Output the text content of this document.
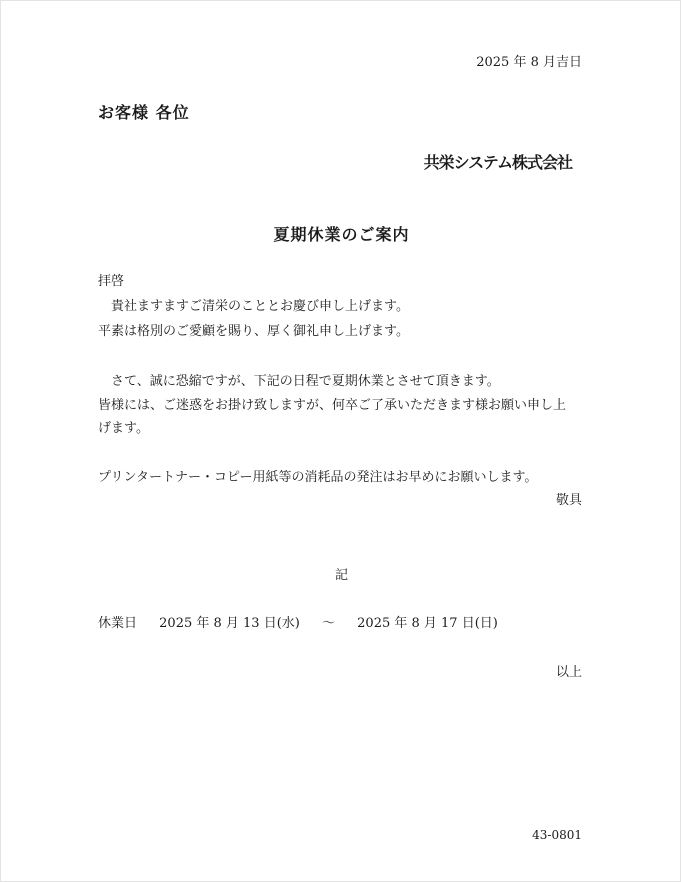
2025 年 8 月吉日
お客様 各位
共栄システム株式会社
夏期休業のご案内
拝啓
貴社ますますご清栄のこととお慶び申し上げます。
平素は格別のご愛顧を賜り、厚く御礼申し上げます。
さて、誠に恐縮ですが、下記の日程で夏期休業とさせて頂きます。
皆様には、ご迷惑をお掛け致しますが、何卒ご了承いただきます様お願い申し上
げます。
プリンタートナー・コピー用紙等の消耗品の発注はお早めにお願いします。
敬具
記
休業日 2025 年 8 月 13 日(水) ～ 2025 年 8 月 17 日(日)
以上
43-0801
